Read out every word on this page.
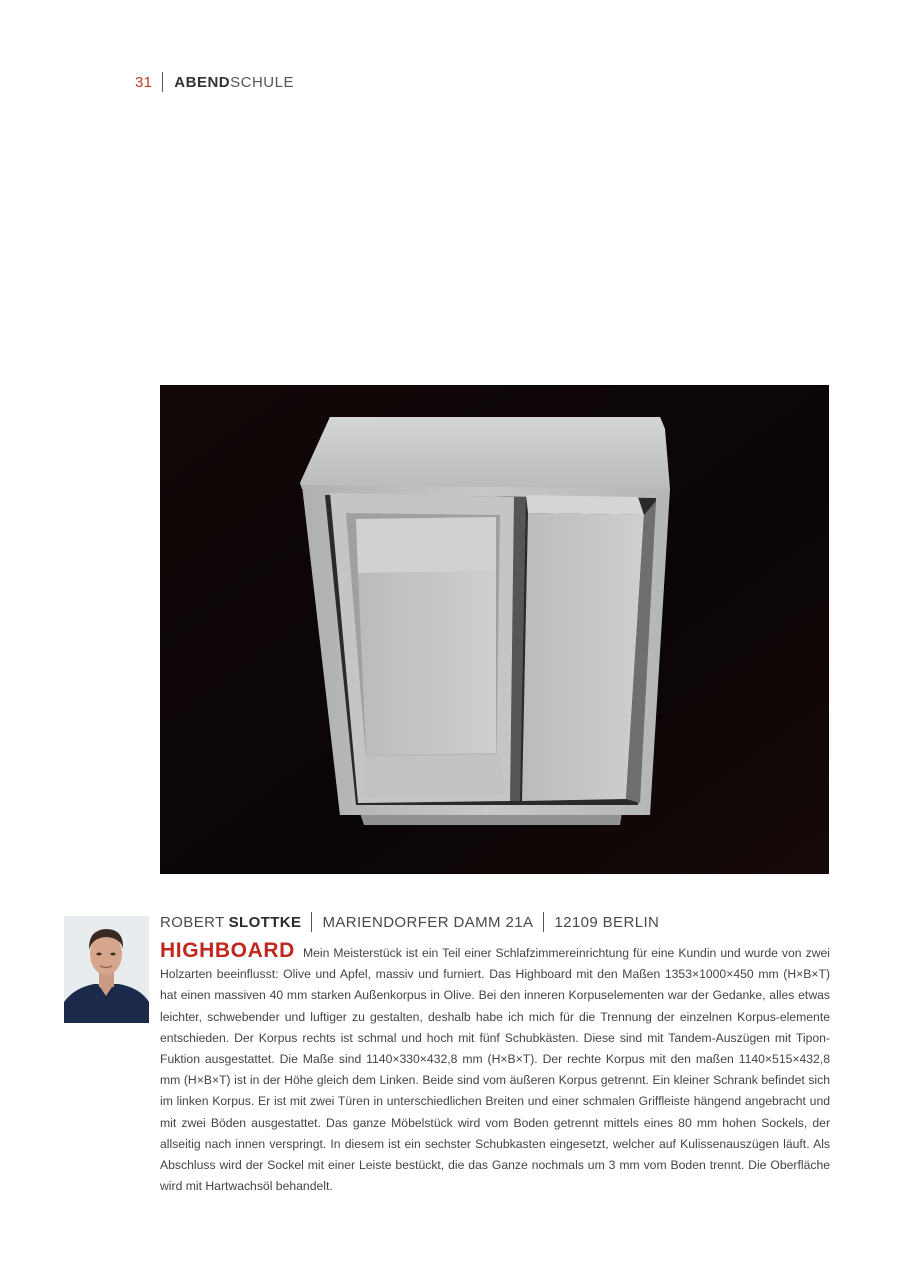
31 ABEND SCHULE
ROBERT SLOTTKE MARIENDORFER DAMM 21A 12109 BERLIN
HIGHBOARD Mein Meisterstück ist ein Teil einer Schlafzimmereinrichtung für eine Kundin und wurde von zwei Holzarten beeinflusst: Olive und Apfel, massiv und furniert. Das Highboard mit den Maßen 1353×1000×450 mm (H×B×T) hat einen massiven 40 mm starken Außenkorpus in Olive. Bei den inneren Korpuselementen war der Gedanke, alles etwas leichter, schwebender und luftiger zu gestalten, deshalb habe ich mich für die Trennung der einzelnen Korpus-elemente entschieden. Der Korpus rechts ist schmal und hoch mit fünf Schubkästen. Diese sind mit Tandem-Auszügen mit Tipon-Fuktion ausgestattet. Die Maße sind 1140×330×432,8 mm (H×B×T). Der rechte Korpus mit den maßen 1140×515×432,8 mm (H×B×T) ist in der Höhe gleich dem Linken. Beide sind vom äußeren Korpus getrennt. Ein kleiner Schrank befindet sich im linken Korpus. Er ist mit zwei Türen in unterschiedlichen Breiten und einer schmalen Griffleiste hängend angebracht und mit zwei Böden ausgestattet. Das ganze Möbelstück wird vom Boden getrennt mittels eines 80 mm hohen Sockels, der allseitig nach innen verspringt. In diesem ist ein sechster Schubkasten eingesetzt, welcher auf Kulissenauszügen läuft. Als Abschluss wird der Sockel mit einer Leiste bestückt, die das Ganze nochmals um 3 mm vom Boden trennt. Die Oberfläche wird mit Hartwachsöl behandelt.
